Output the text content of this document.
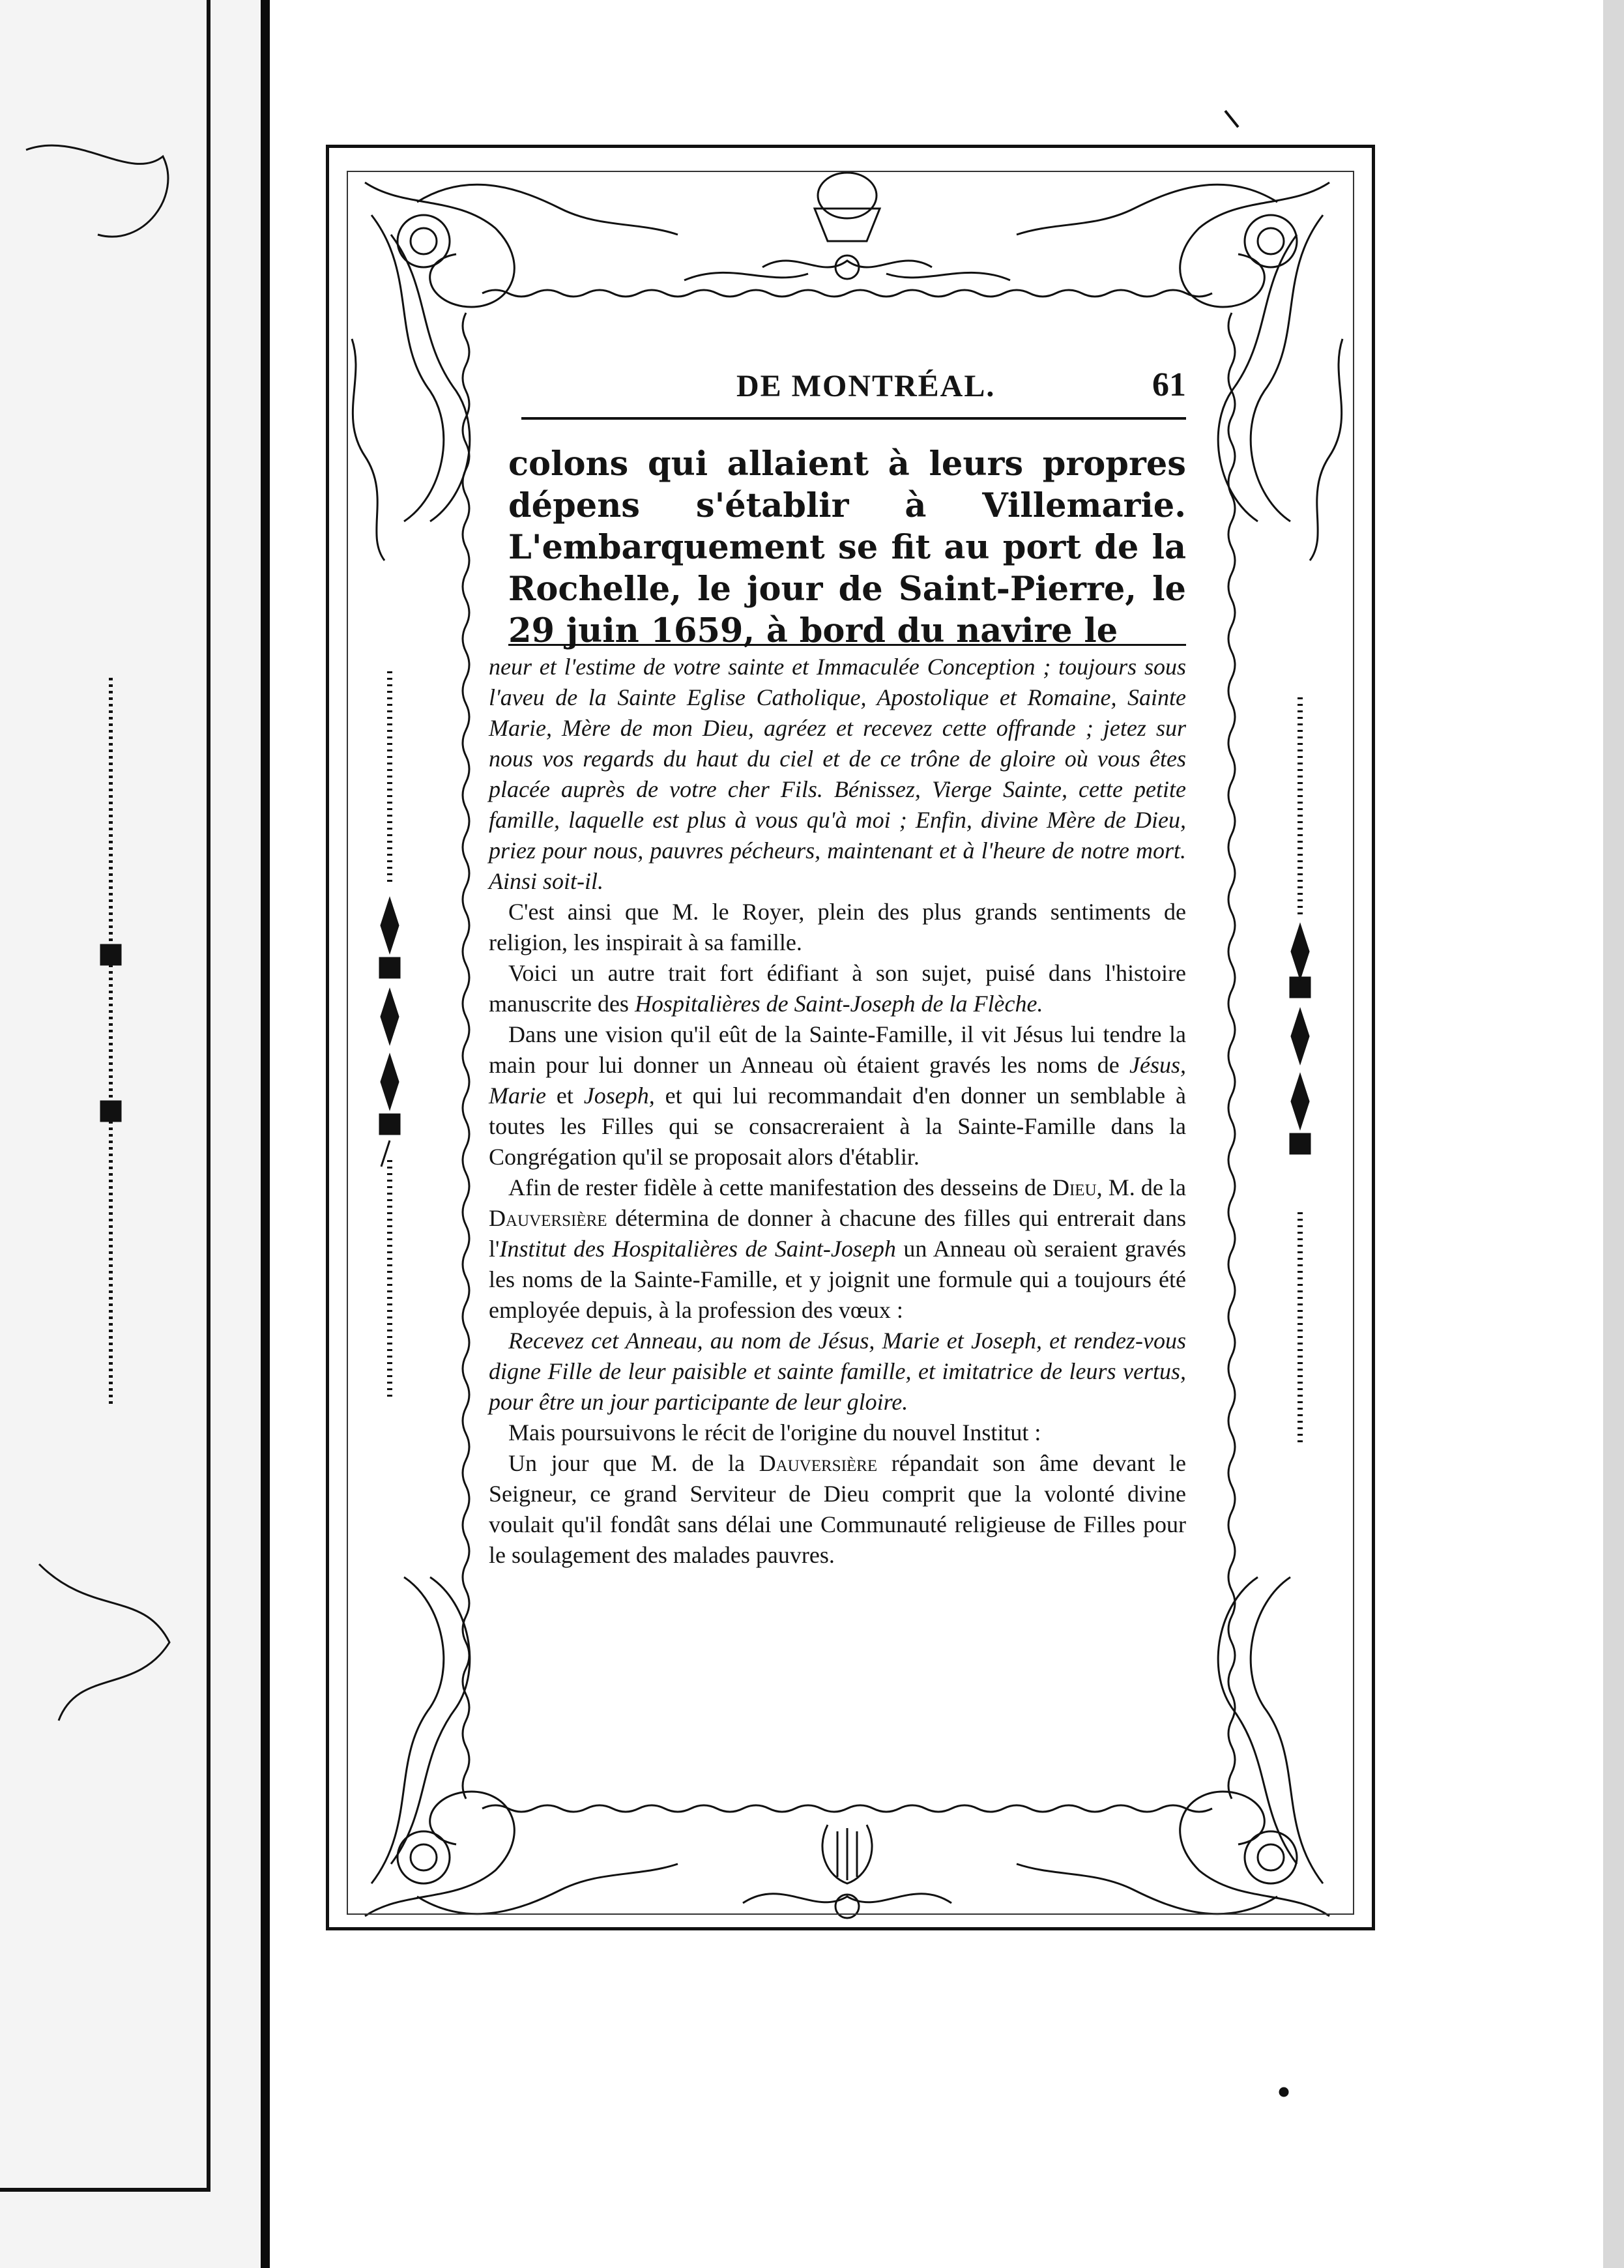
DE MONTRÉAL.	61

colons qui allaient à leurs propres dépens s'établir à Villemarie. L'embarquement se fit au port de la Rochelle, le jour de Saint-Pierre, le 29 juin 1659, à bord du navire le

neur et l'estime de votre sainte et Immaculée Conception ; toujours sous l'aveu de la Sainte Eglise Catholique, Apostolique et Romaine, Sainte Marie, Mère de mon Dieu, agréez et recevez cette offrande ; jetez sur nous vos regards du haut du ciel et de ce trône de gloire où vous êtes placée auprès de votre cher Fils. Bénissez, Vierge Sainte, cette petite famille, laquelle est plus à vous qu'à moi ; Enfin, divine Mère de Dieu, priez pour nous, pauvres pécheurs, maintenant et à l'heure de notre mort. Ainsi soit-il.

C'est ainsi que M. le Royer, plein des plus grands sentiments de religion, les inspirait à sa famille.

Voici un autre trait fort édifiant à son sujet, puisé dans l'histoire manuscrite des Hospitalières de Saint-Joseph de la Flèche.

Dans une vision qu'il eût de la Sainte-Famille, il vit Jésus lui tendre la main pour lui donner un Anneau où étaient gravés les noms de Jésus, Marie et Joseph, et qui lui recommandait d'en donner un semblable à toutes les Filles qui se consacreraient à la Sainte-Famille dans la Congrégation qu'il se proposait alors d'établir.

Afin de rester fidèle à cette manifestation des desseins de Dieu, M. de la Dauversière détermina de donner à chacune des filles qui entrerait dans l'Institut des Hospitalières de Saint-Joseph un Anneau où seraient gravés les noms de la Sainte-Famille, et y joignit une formule qui a toujours été employée depuis, à la profession des vœux :

Recevez cet Anneau, au nom de Jésus, Marie et Joseph, et rendez-vous digne Fille de leur paisible et sainte famille, et imitatrice de leurs vertus, pour être un jour participante de leur gloire.

Mais poursuivons le récit de l'origine du nouvel Institut :

Un jour que M. de la Dauversière répandait son âme devant le Seigneur, ce grand Serviteur de Dieu comprit que la volonté divine voulait qu'il fondât sans délai une Communauté religieuse de Filles pour le soulagement des malades pauvres.
